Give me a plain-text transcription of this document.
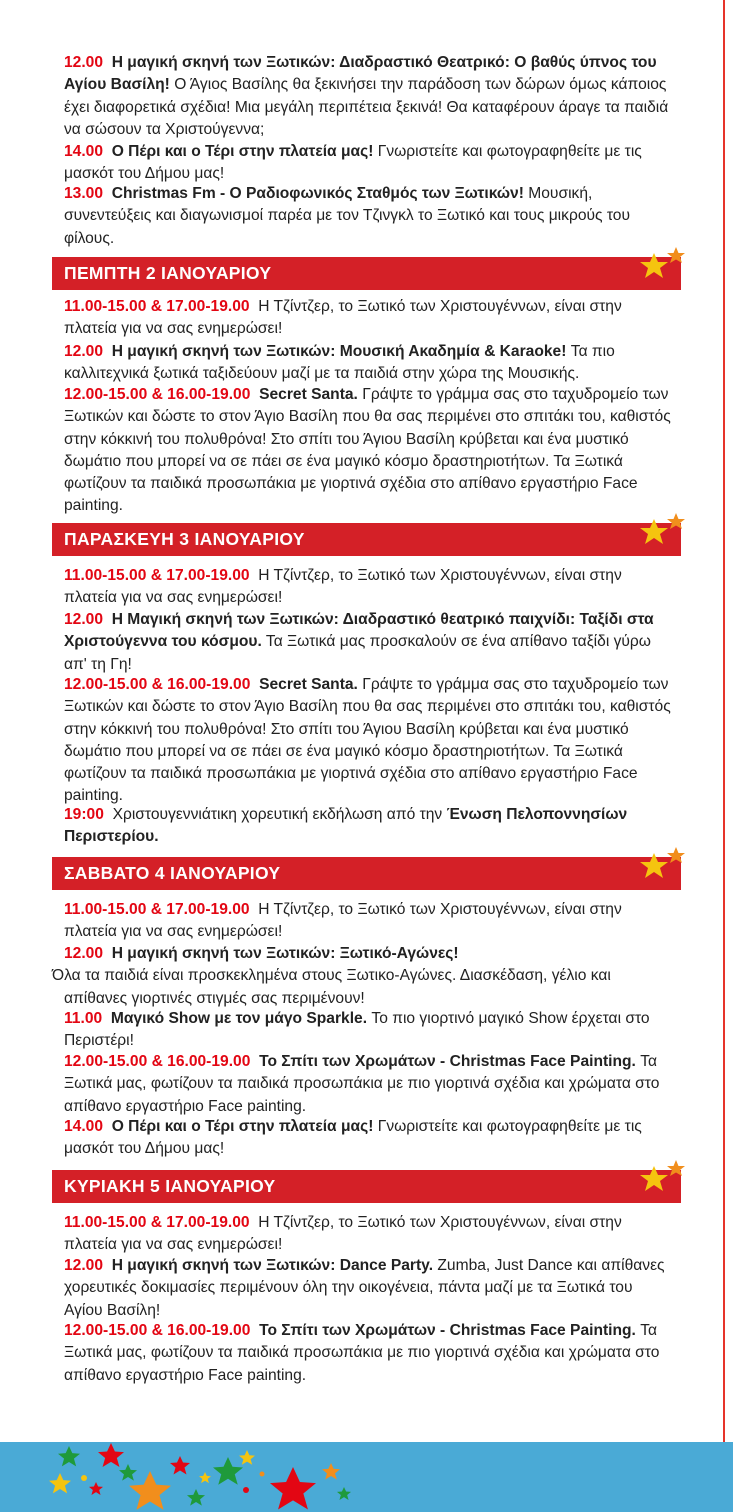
12.00 Η μαγική σκηνή των Ξωτικών: Διαδραστικό Θεατρικό: Ο βαθύς ύπνος του Αγίου Βασίλη! Ο Άγιος Βασίλης θα ξεκινήσει την παράδοση των δώρων όμως κάποιος έχει διαφορετικά σχέδια! Μια μεγάλη περιπέτεια ξεκινά! Θα καταφέρουν άραγε τα παιδιά να σώσουν τα Χριστούγεννα;
14.00 Ο Πέρι και ο Τέρι στην πλατεία μας! Γνωριστείτε και φωτογραφηθείτε με τις μασκότ του Δήμου μας!
13.00 Christmas Fm - Ο Ραδιοφωνικός Σταθμός των Ξωτικών! Μουσική, συνεντεύξεις και διαγωνισμοί παρέα με τον Τζινγκλ το Ξωτικό και τους μικρούς του φίλους.
ΠΕΜΠΤΗ 2 ΙΑΝΟΥΑΡΙΟΥ
11.00-15.00 & 17.00-19.00 Η Τζίντζερ, το Ξωτικό των Χριστουγέννων, είναι στην πλατεία για να σας ενημερώσει!
12.00 Η μαγική σκηνή των Ξωτικών: Μουσική Ακαδημία & Karaoke! Τα πιο καλλιτεχνικά ξωτικά ταξιδεύουν μαζί με τα παιδιά στην χώρα της Μουσικής.
12.00-15.00 & 16.00-19.00 Secret Santa. Γράψτε το γράμμα σας στο ταχυδρομείο των Ξωτικών και δώστε το στον Άγιο Βασίλη που θα σας περιμένει στο σπιτάκι του, καθιστός στην κόκκινή του πολυθρόνα! Στο σπίτι του Άγιου Βασίλη κρύβεται και ένα μυστικό δωμάτιο που μπορεί να σε πάει σε ένα μαγικό κόσμο δραστηριοτήτων. Τα Ξωτικά φωτίζουν τα παιδικά προσωπάκια με γιορτινά σχέδια στο απίθανο εργαστήριο Face painting.
ΠΑΡΑΣΚΕΥΗ 3 ΙΑΝΟΥΑΡΙΟΥ
11.00-15.00 & 17.00-19.00 Η Τζίντζερ, το Ξωτικό των Χριστουγέννων, είναι στην πλατεία για να σας ενημερώσει!
12.00 Η Μαγική σκηνή των Ξωτικών: Διαδραστικό θεατρικό παιχνίδι: Ταξίδι στα Χριστούγεννα του κόσμου. Τα Ξωτικά μας προσκαλούν σε ένα απίθανο ταξίδι γύρω απ' τη Γη!
12.00-15.00 & 16.00-19.00 Secret Santa. Γράψτε το γράμμα σας στο ταχυδρομείο των Ξωτικών και δώστε το στον Άγιο Βασίλη που θα σας περιμένει στο σπιτάκι του, καθιστός στην κόκκινή του πολυθρόνα! Στο σπίτι του Άγιου Βασίλη κρύβεται και ένα μυστικό δωμάτιο που μπορεί να σε πάει σε ένα μαγικό κόσμο δραστηριοτήτων. Τα Ξωτικά φωτίζουν τα παιδικά προσωπάκια με γιορτινά σχέδια στο απίθανο εργαστήριο Face painting.
19:00 Χριστουγεννιάτικη χορευτική εκδήλωση από την Ένωση Πελοποννησίων Περιστερίου.
ΣΑΒΒΑΤΟ 4 ΙΑΝΟΥΑΡΙΟΥ
11.00-15.00 & 17.00-19.00 Η Τζίντζερ, το Ξωτικό των Χριστουγέννων, είναι στην πλατεία για να σας ενημερώσει!
12.00 Η μαγική σκηνή των Ξωτικών: Ξωτικό-Αγώνες!
Όλα τα παιδιά είναι προσκεκλημένα στους Ξωτικο-Αγώνες. Διασκέδαση, γέλιο και απίθανες γιορτινές στιγμές σας περιμένουν!
11.00 Μαγικό Show με τον μάγο Sparkle. Το πιο γιορτινό μαγικό Show έρχεται στο Περιστέρι!
12.00-15.00 & 16.00-19.00 Το Σπίτι των Χρωμάτων - Christmas Face Painting. Τα Ξωτικά μας, φωτίζουν τα παιδικά προσωπάκια με πιο γιορτινά σχέδια και χρώματα στο απίθανο εργαστήριο Face painting.
14.00 Ο Πέρι και ο Τέρι στην πλατεία μας! Γνωριστείτε και φωτογραφηθείτε με τις μασκότ του Δήμου μας!
ΚΥΡΙΑΚΗ 5 ΙΑΝΟΥΑΡΙΟΥ
11.00-15.00 & 17.00-19.00 Η Τζίντζερ, το Ξωτικό των Χριστουγέννων, είναι στην πλατεία για να σας ενημερώσει!
12.00 Η μαγική σκηνή των Ξωτικών: Dance Party. Zumba, Just Dance και απίθανες χορευτικές δοκιμασίες περιμένουν όλη την οικογένεια, πάντα μαζί με τα Ξωτικά του Αγίου Βασίλη!
12.00-15.00 & 16.00-19.00 Το Σπίτι των Χρωμάτων - Christmas Face Painting. Τα Ξωτικά μας, φωτίζουν τα παιδικά προσωπάκια με πιο γιορτινά σχέδια και χρώματα στο απίθανο εργαστήριο Face painting.
